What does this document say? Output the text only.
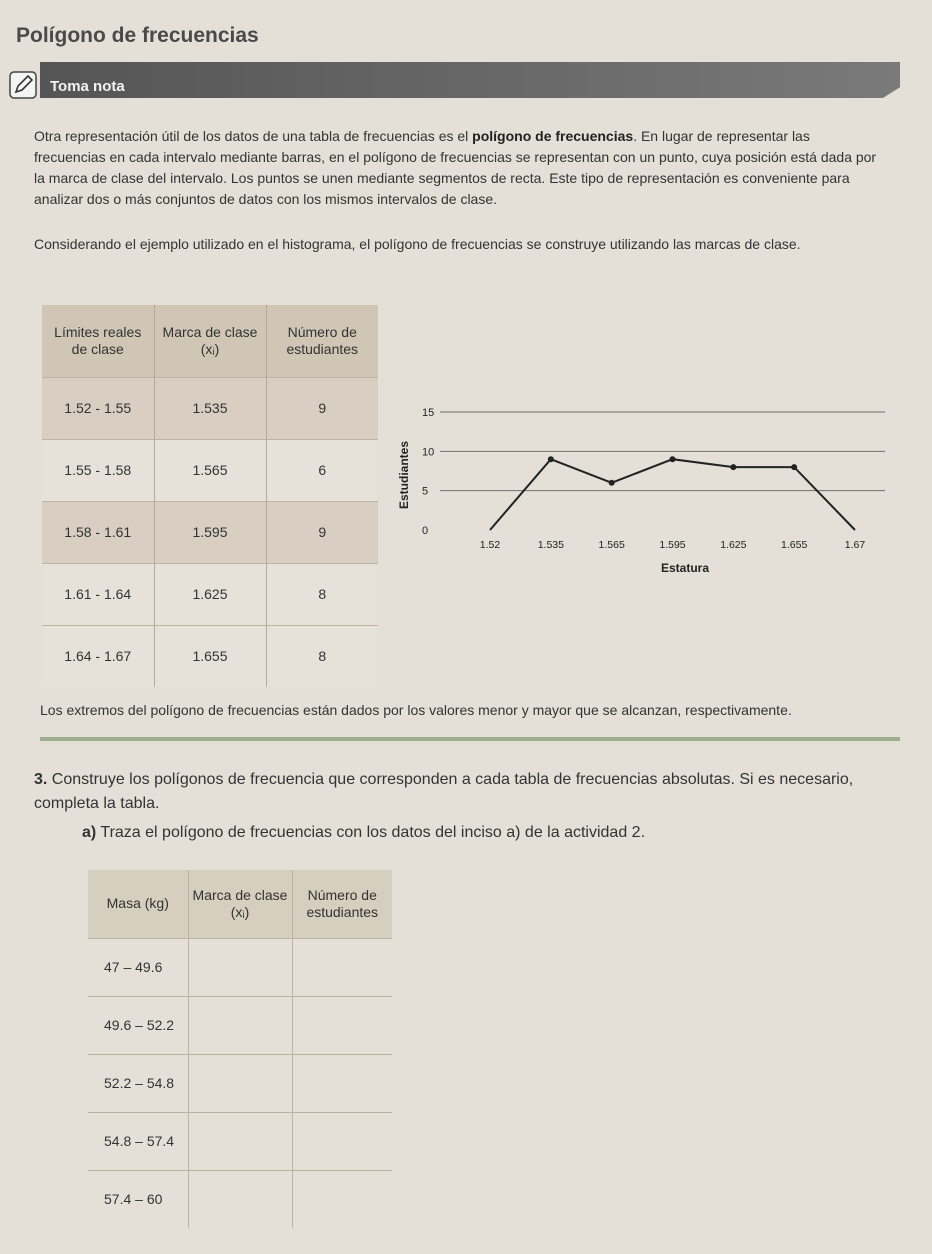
Polígono de frecuencias
Toma nota
Otra representación útil de los datos de una tabla de frecuencias es el polígono de frecuencias. En lugar de representar las frecuencias en cada intervalo mediante barras, en el polígono de frecuencias se representan con un punto, cuya posición está dada por la marca de clase del intervalo. Los puntos se unen mediante segmentos de recta. Este tipo de representación es conveniente para analizar dos o más conjuntos de datos con los mismos intervalos de clase.
Considerando el ejemplo utilizado en el histograma, el polígono de frecuencias se construye utilizando las marcas de clase.
Límites reales de clase	Marca de clase (xᵢ)	Número de estudiantes
1.52 - 1.55	1.535	9
1.55 - 1.58	1.565	6
1.58 - 1.61	1.595	9
1.61 - 1.64	1.625	8
1.64 - 1.67	1.655	8
0
5
10
15
1.52	1.535	1.565	1.595	1.625	1.655	1.67
Estatura
Estudiantes
Los extremos del polígono de frecuencias están dados por los valores menor y mayor que se alcanzan, respectivamente.
3. Construye los polígonos de frecuencia que corresponden a cada tabla de frecuencias absolutas. Si es necesario, completa la tabla.
a) Traza el polígono de frecuencias con los datos del inciso a) de la actividad 2.
Masa (kg)	Marca de clase (xᵢ)	Número de estudiantes
47 – 49.6		
49.6 – 52.2		
52.2 – 54.8		
54.8 – 57.4		
57.4 – 60		
